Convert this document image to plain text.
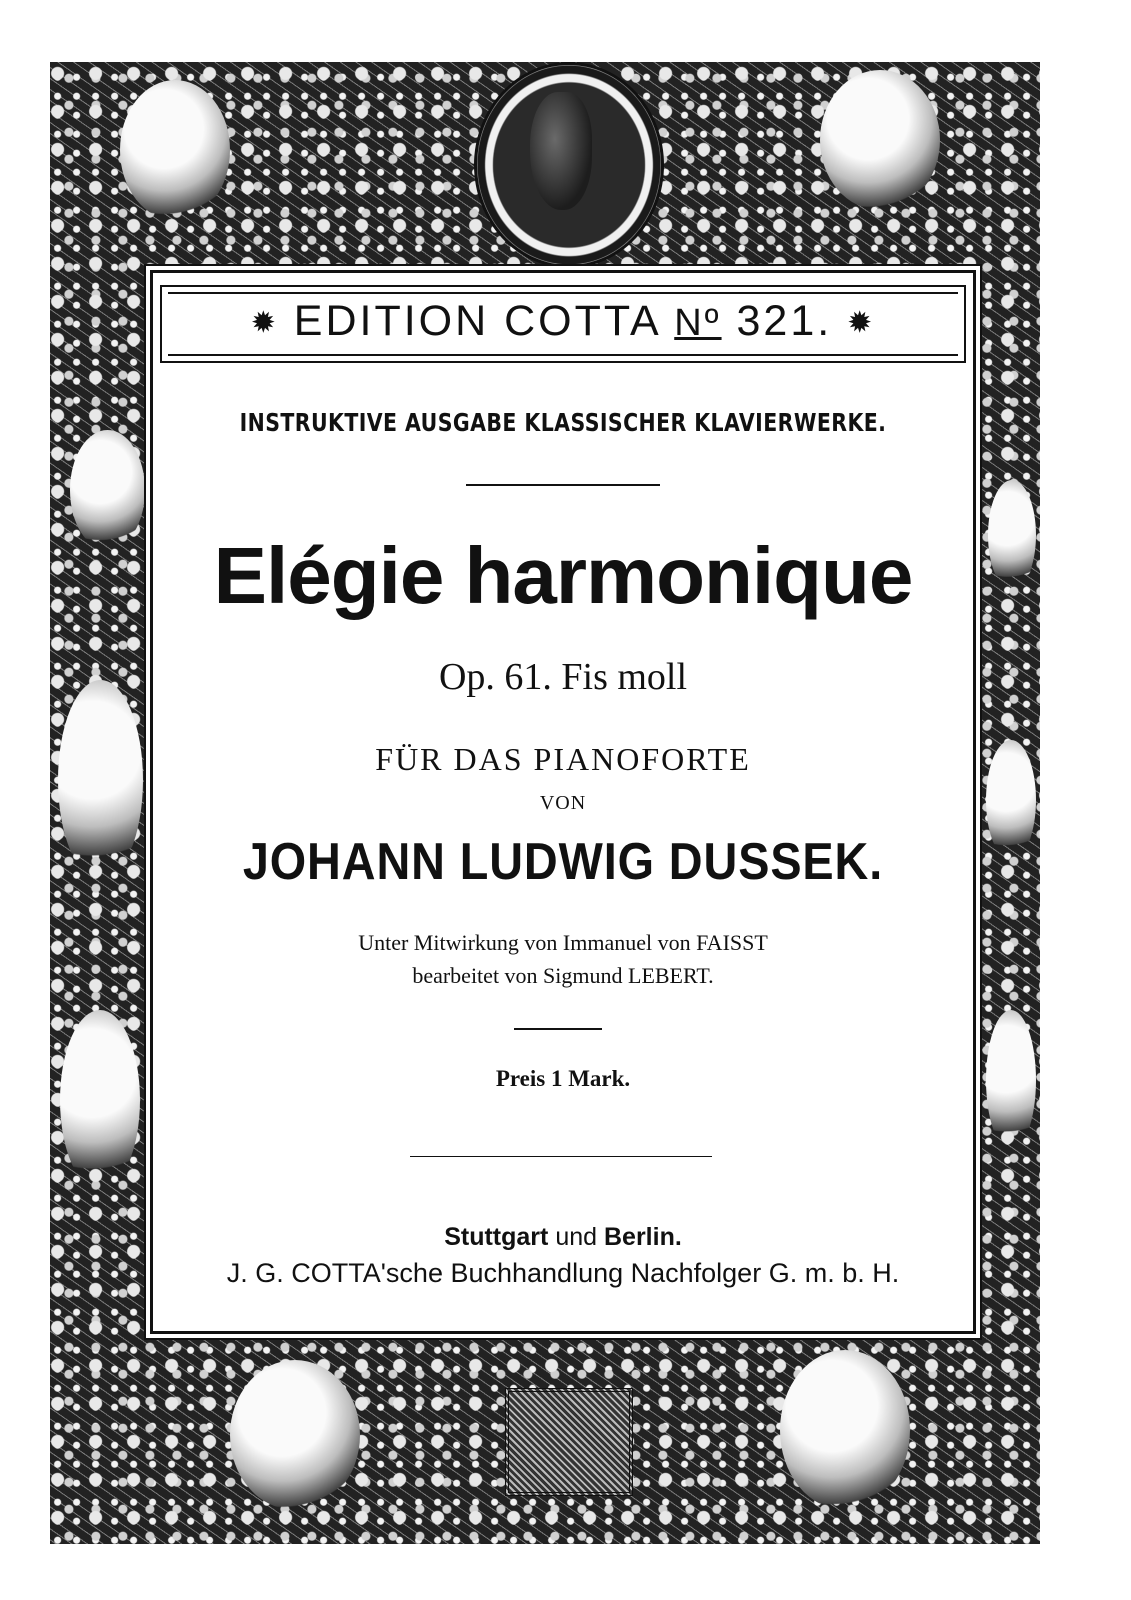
✹ EDITION COTTA Nº 321. ✹
INSTRUKTIVE AUSGABE KLASSISCHER KLAVIERWERKE.
Elégie harmonique
Op. 61. Fis moll
FÜR DAS PIANOFORTE
VON
JOHANN LUDWIG DUSSEK.
Unter Mitwirkung von Immanuel von FAISST
bearbeitet von Sigmund LEBERT.
Preis 1 Mark.
Stuttgart und Berlin.
J. G. COTTA'sche Buchhandlung Nachfolger G. m. b. H.
